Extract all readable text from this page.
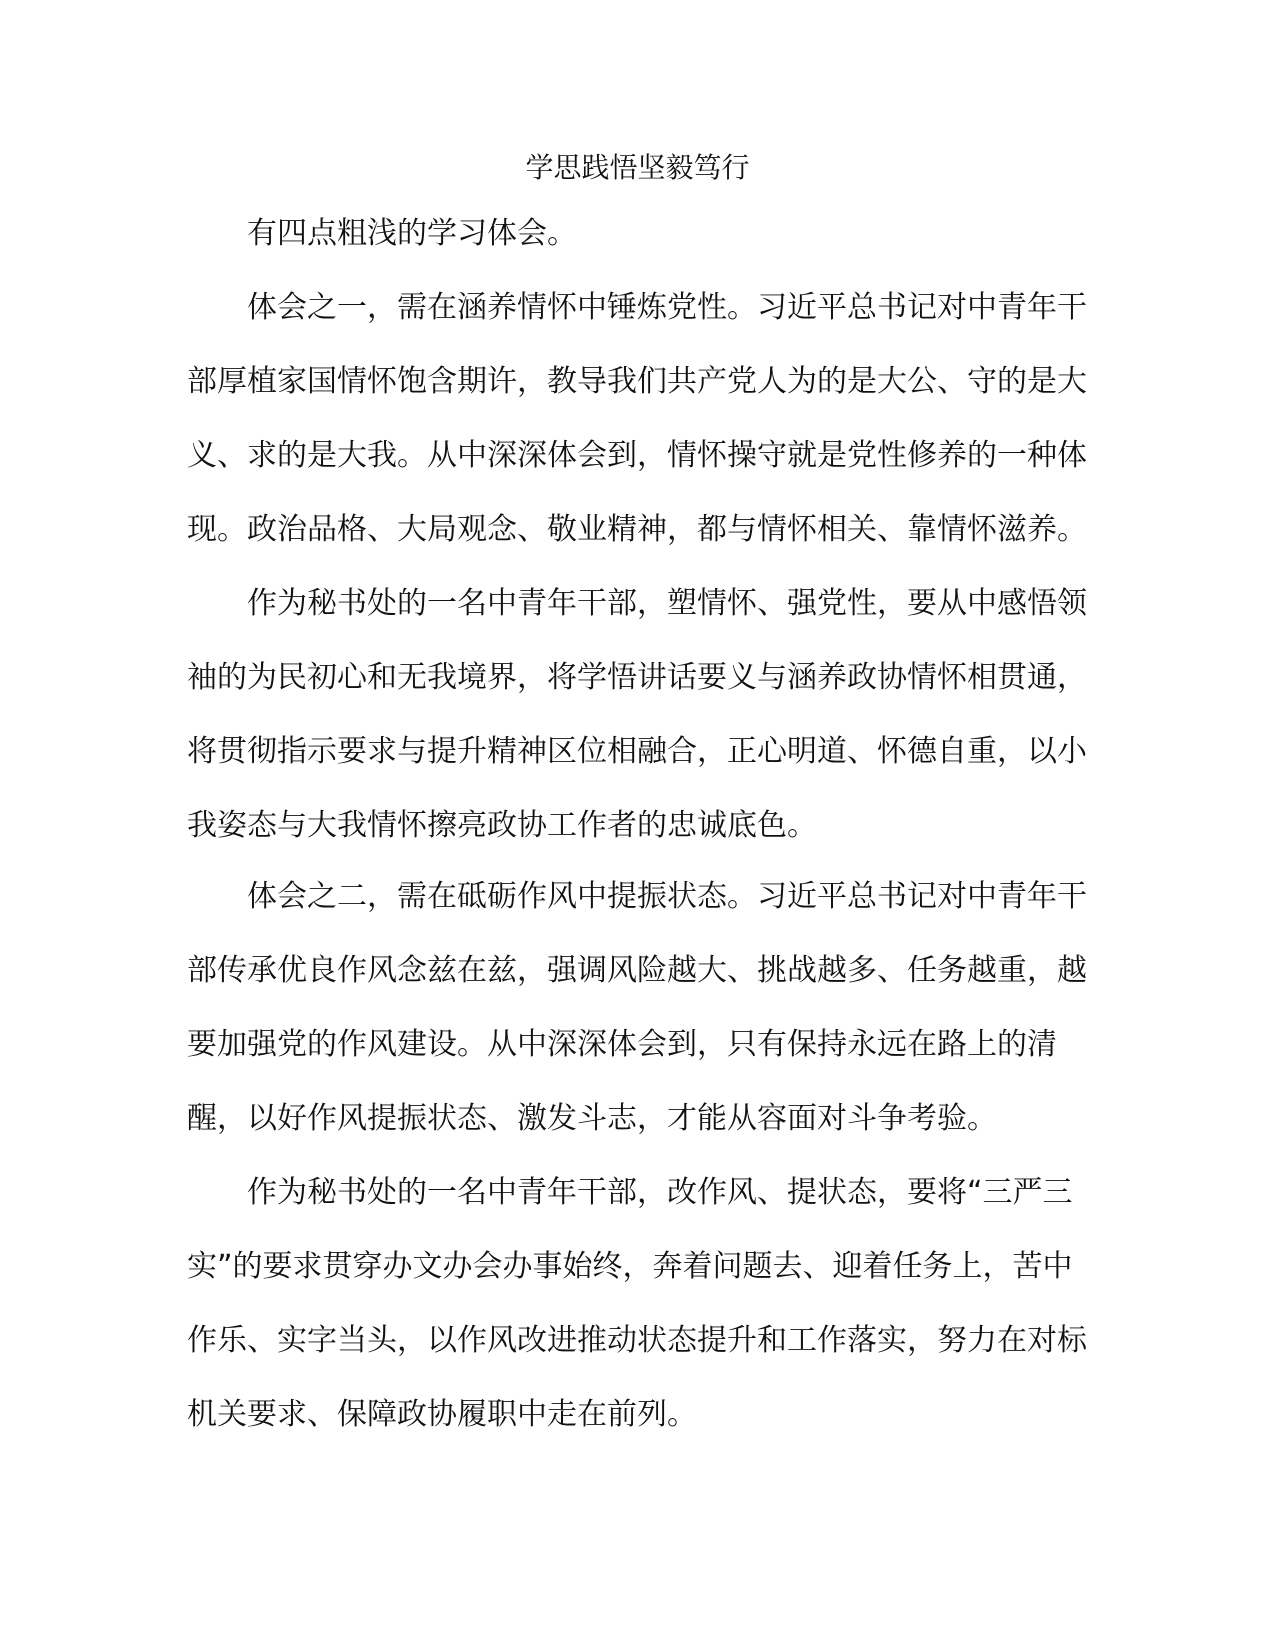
学思践悟坚毅笃行
有四点粗浅的学习体会。
体会之一，需在涵养情怀中锤炼党性。习近平总书记对中青年干
部厚植家国情怀饱含期许，教导我们共产党人为的是大公、守的是大
义、求的是大我。从中深深体会到，情怀操守就是党性修养的一种体
现。政治品格、大局观念、敬业精神，都与情怀相关、靠情怀滋养。
作为秘书处的一名中青年干部，塑情怀、强党性，要从中感悟领
袖的为民初心和无我境界，将学悟讲话要义与涵养政协情怀相贯通，
将贯彻指示要求与提升精神区位相融合，正心明道、怀德自重，以小
我姿态与大我情怀擦亮政协工作者的忠诚底色。
体会之二，需在砥砺作风中提振状态。习近平总书记对中青年干
部传承优良作风念兹在兹，强调风险越大、挑战越多、任务越重，越
要加强党的作风建设。从中深深体会到，只有保持永远在路上的清
醒，以好作风提振状态、激发斗志，才能从容面对斗争考验。
作为秘书处的一名中青年干部，改作风、提状态，要将“三严三
实”的要求贯穿办文办会办事始终，奔着问题去、迎着任务上，苦中
作乐、实字当头，以作风改进推动状态提升和工作落实，努力在对标
机关要求、保障政协履职中走在前列。
